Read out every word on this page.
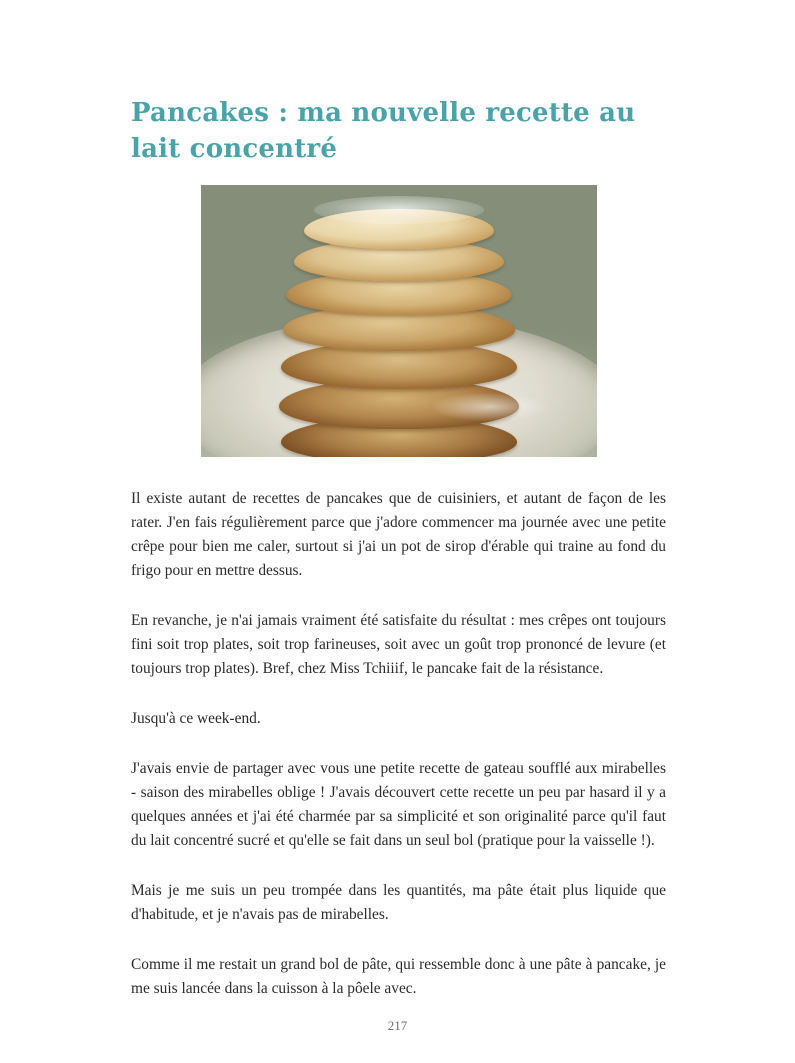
Pancakes : ma nouvelle recette au lait concentré

Il existe autant de recettes de pancakes que de cuisiniers, et autant de façon de les rater. J'en fais régulièrement parce que j'adore commencer ma journée avec une petite crêpe pour bien me caler, surtout si j'ai un pot de sirop d'érable qui traine au fond du frigo pour en mettre dessus.

En revanche, je n'ai jamais vraiment été satisfaite du résultat : mes crêpes ont toujours fini soit trop plates, soit trop farineuses, soit avec un goût trop prononcé de levure (et toujours trop plates). Bref, chez Miss Tchiiif, le pancake fait de la résistance.

Jusqu'à ce week-end.

J'avais envie de partager avec vous une petite recette de gateau soufflé aux mirabelles - saison des mirabelles oblige ! J'avais découvert cette recette un peu par hasard il y a quelques années et j'ai été charmée par sa simplicité et son originalité parce qu'il faut du lait concentré sucré et qu'elle se fait dans un seul bol (pratique pour la vaisselle !).

Mais je me suis un peu trompée dans les quantités, ma pâte était plus liquide que d'habitude, et je n'avais pas de mirabelles.

Comme il me restait un grand bol de pâte, qui ressemble donc à une pâte à pancake, je me suis lancée dans la cuisson à la pôele avec.

217
